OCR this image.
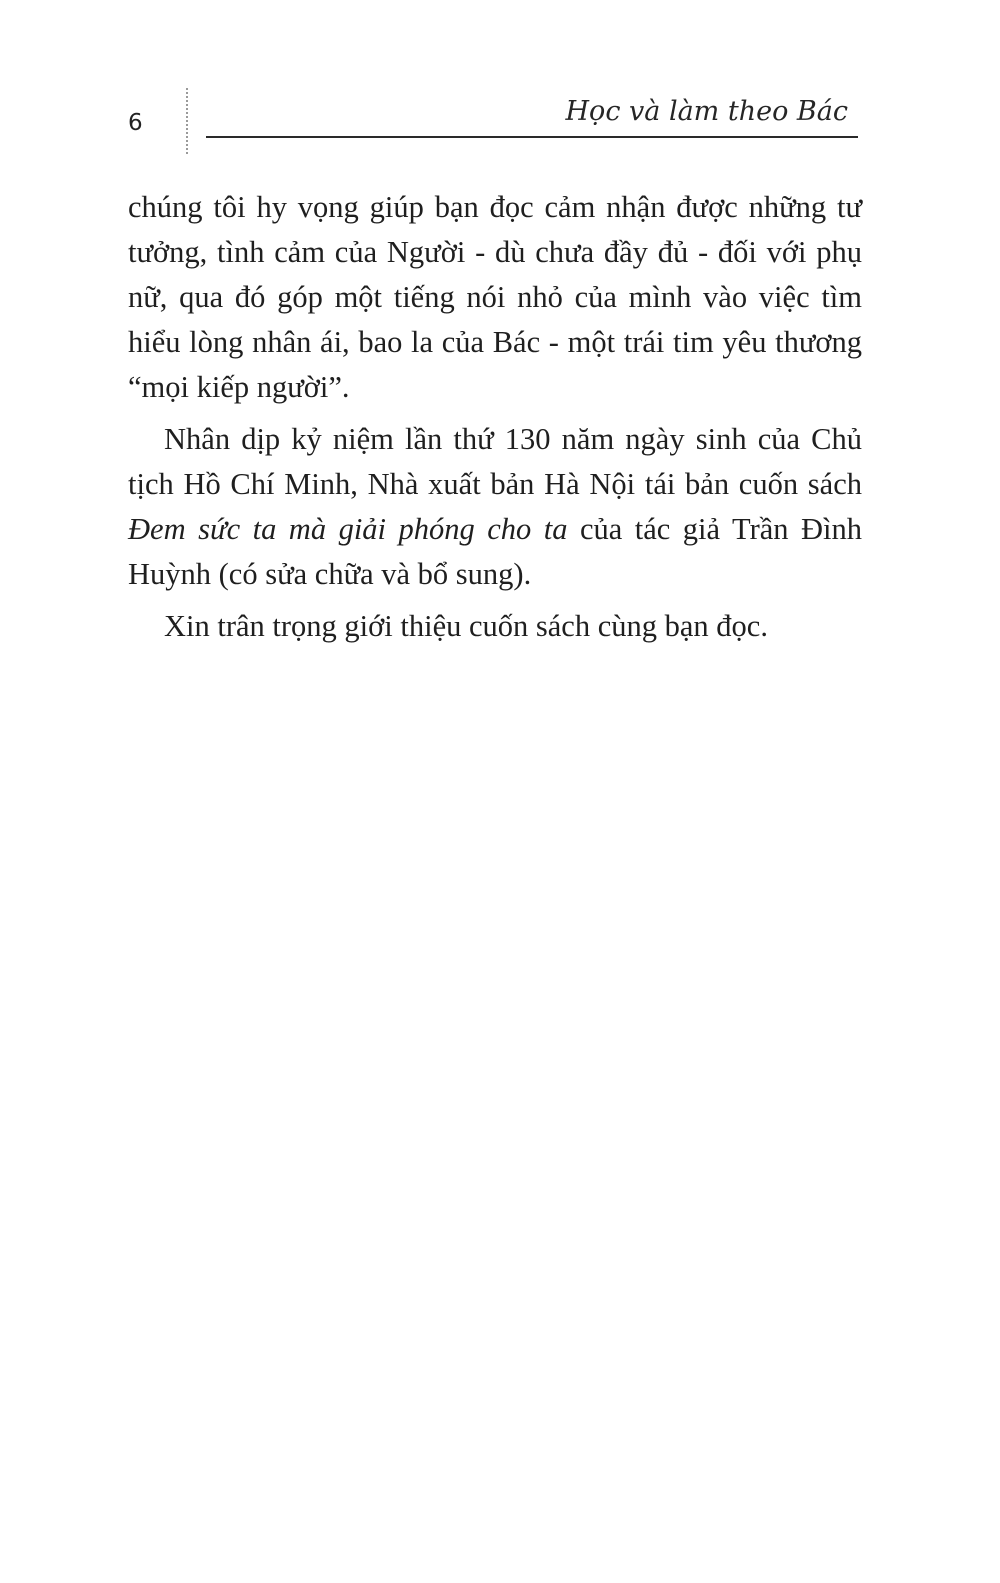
6	Học và làm theo Bác

chúng tôi hy vọng giúp bạn đọc cảm nhận được những tư tưởng, tình cảm của Người - dù chưa đầy đủ - đối với phụ nữ, qua đó góp một tiếng nói nhỏ của mình vào việc tìm hiểu lòng nhân ái, bao la của Bác - một trái tim yêu thương “mọi kiếp người”.

Nhân dịp kỷ niệm lần thứ 130 năm ngày sinh của Chủ tịch Hồ Chí Minh, Nhà xuất bản Hà Nội tái bản cuốn sách Đem sức ta mà giải phóng cho ta của tác giả Trần Đình Huỳnh (có sửa chữa và bổ sung).

Xin trân trọng giới thiệu cuốn sách cùng bạn đọc.
